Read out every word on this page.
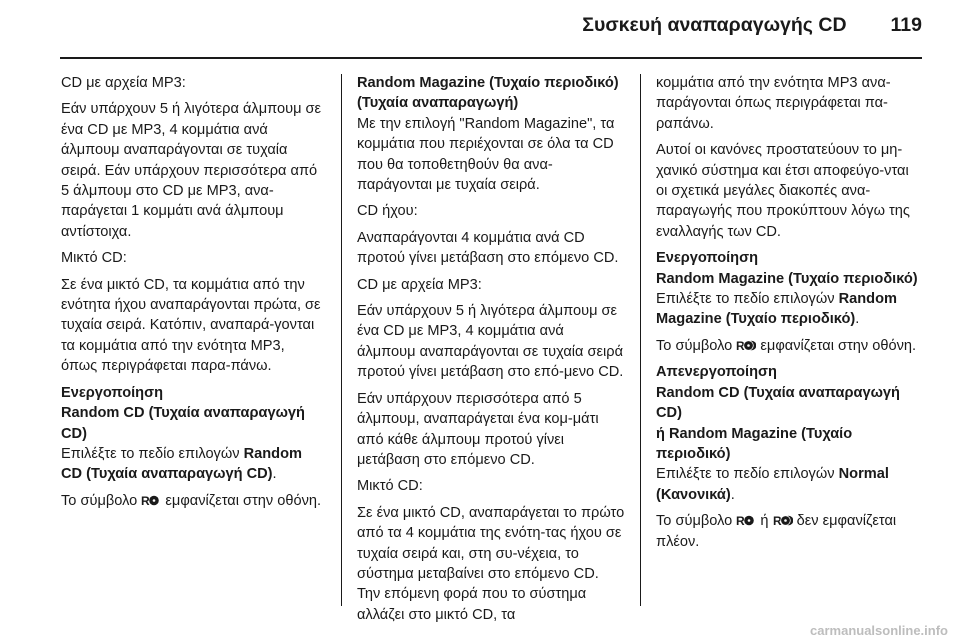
Συσκευή αναπαραγωγής CD 119

CD με αρχεία MP3:

Εάν υπάρχουν 5 ή λιγότερα άλμπουμ σε ένα CD με MP3, 4 κομμάτια ανά άλμπουμ αναπαράγονται σε τυχαία σειρά. Εάν υπάρχουν περισσότερα από 5 άλμπουμ στο CD με MP3, ανα-παράγεται 1 κομμάτι ανά άλμπουμ αντίστοιχα.

Μικτό CD:

Σε ένα μικτό CD, τα κομμάτια από την ενότητα ήχου αναπαράγονται πρώτα, σε τυχαία σειρά. Κατόπιν, αναπαρά-γονται τα κομμάτια από την ενότητα MP3, όπως περιγράφεται παρα-πάνω.

Ενεργοποίηση

Random CD (Τυχαία αναπαραγωγή CD)

Επιλέξτε το πεδίο επιλογών Random CD (Τυχαία αναπαραγωγή CD).

Το σύμβολο  εμφανίζεται στην οθόνη.

Random Magazine (Τυχαίο περιοδικό) (Τυχαία αναπαραγωγή)

Με την επιλογή "Random Magazine", τα κομμάτια που περιέχονται σε όλα τα CD που θα τοποθετηθούν θα ανα-παράγονται με τυχαία σειρά.

CD ήχου:

Αναπαράγονται 4 κομμάτια ανά CD προτού γίνει μετάβαση στο επόμενο CD.

CD με αρχεία MP3:

Εάν υπάρχουν 5 ή λιγότερα άλμπουμ σε ένα CD με MP3, 4 κομμάτια ανά άλμπουμ αναπαράγονται σε τυχαία σειρά προτού γίνει μετάβαση στο επό-μενο CD.

Εάν υπάρχουν περισσότερα από 5 άλμπουμ, αναπαράγεται ένα κομ-μάτι από κάθε άλμπουμ προτού γίνει μετάβαση στο επόμενο CD.

Μικτό CD:

Σε ένα μικτό CD, αναπαράγεται το πρώτο από τα 4 κομμάτια της ενότη-τας ήχου σε τυχαία σειρά και, στη συ-νέχεια, το σύστημα μεταβαίνει στο επόμενο CD. Την επόμενη φορά που το σύστημα αλλάζει στο μικτό CD, τα

κομμάτια από την ενότητα MP3 ανα-παράγονται όπως περιγράφεται πα-ραπάνω.

Αυτοί οι κανόνες προστατεύουν το μη-χανικό σύστημα και έτσι αποφεύγο-νται οι σχετικά μεγάλες διακοπές ανα-παραγωγής που προκύπτουν λόγω της εναλλαγής των CD.

Ενεργοποίηση

Random Magazine (Τυχαίο περιοδικό)

Επιλέξτε το πεδίο επιλογών Random Magazine (Τυχαίο περιοδικό).

Το σύμβολο  εμφανίζεται στην οθόνη.

Απενεργοποίηση

Random CD (Τυχαία αναπαραγωγή CD)

ή Random Magazine (Τυχαίο περιοδικό)

Επιλέξτε το πεδίο επιλογών Normal (Κανονικά).

Το σύμβολο  ή  δεν εμφανίζεται πλέον.

carmanualsonline.info
